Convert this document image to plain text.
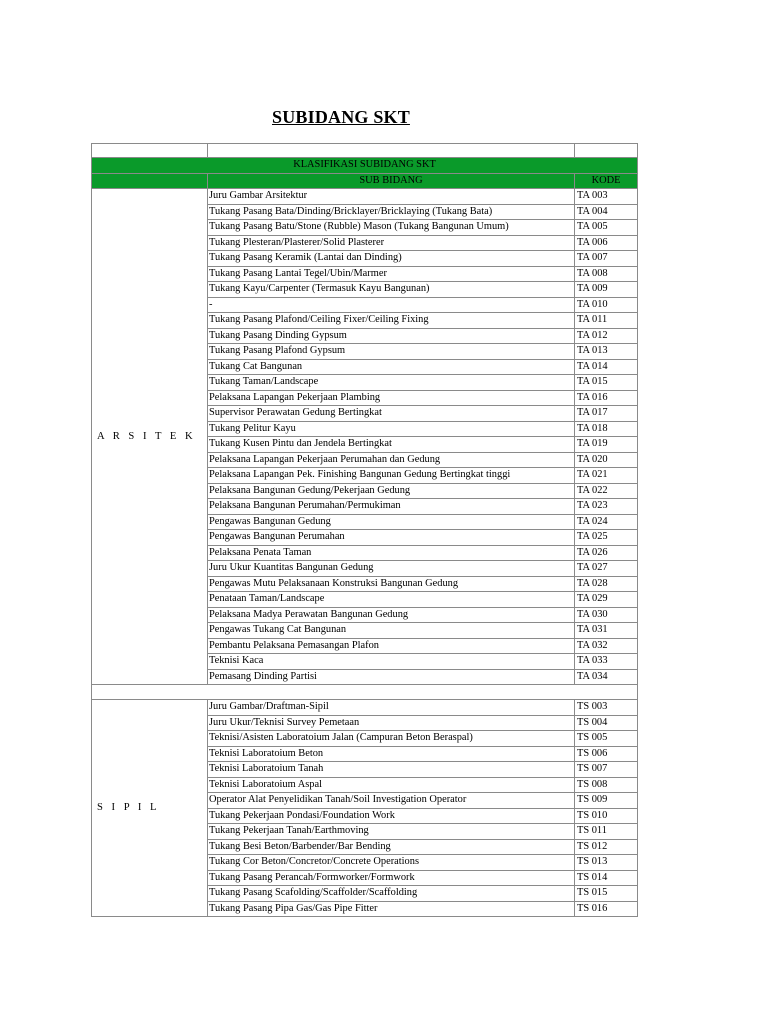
SUBIDANG SKT

KLASIFIKASI SUBIDANG SKT		
	SUB BIDANG	KODE
A R S I T E K	Juru Gambar Arsitektur	TA 003
	Tukang Pasang Bata/Dinding/Bricklayer/Bricklaying (Tukang Bata)	TA 004
	Tukang Pasang Batu/Stone (Rubble) Mason (Tukang Bangunan Umum)	TA 005
	Tukang Plesteran/Plasterer/Solid Plasterer	TA 006
	Tukang Pasang Keramik (Lantai dan Dinding)	TA 007
	Tukang Pasang Lantai Tegel/Ubin/Marmer	TA 008
	Tukang Kayu/Carpenter (Termasuk Kayu Bangunan)	TA 009
	-	TA 010
	Tukang Pasang Plafond/Ceiling Fixer/Ceiling Fixing	TA 011
	Tukang Pasang Dinding Gypsum	TA 012
	Tukang Pasang Plafond Gypsum	TA 013
	Tukang Cat Bangunan	TA 014
	Tukang Taman/Landscape	TA 015
	Pelaksana Lapangan Pekerjaan Plambing	TA 016
	Supervisor Perawatan Gedung Bertingkat	TA 017
	Tukang Pelitur Kayu	TA 018
	Tukang Kusen Pintu dan Jendela Bertingkat	TA 019
	Pelaksana Lapangan Pekerjaan Perumahan dan Gedung	TA 020
	Pelaksana Lapangan Pek. Finishing Bangunan Gedung Bertingkat tinggi	TA 021
	Pelaksana Bangunan Gedung/Pekerjaan Gedung	TA 022
	Pelaksana Bangunan Perumahan/Permukiman	TA 023
	Pengawas Bangunan Gedung	TA 024
	Pengawas Bangunan Perumahan	TA 025
	Pelaksana Penata Taman	TA 026
	Juru Ukur Kuantitas Bangunan Gedung	TA 027
	Pengawas Mutu Pelaksanaan Konstruksi Bangunan Gedung	TA 028
	Penataan Taman/Landscape	TA 029
	Pelaksana Madya Perawatan Bangunan Gedung	TA 030
	Pengawas Tukang Cat Bangunan	TA 031
	Pembantu Pelaksana Pemasangan Plafon	TA 032
	Teknisi Kaca	TA 033
	Pemasang Dinding Partisi	TA 034

S I P I L	Juru Gambar/Draftman-Sipil	TS 003
	Juru Ukur/Teknisi Survey Pemetaan	TS 004
	Teknisi/Asisten Laboratoium Jalan (Campuran Beton Beraspal)	TS 005
	Teknisi Laboratoium Beton	TS 006
	Teknisi Laboratoium Tanah	TS 007
	Teknisi Laboratoium Aspal	TS 008
	Operator Alat Penyelidikan Tanah/Soil Investigation Operator	TS 009
	Tukang Pekerjaan Pondasi/Foundation Work	TS 010
	Tukang Pekerjaan Tanah/Earthmoving	TS 011
	Tukang Besi Beton/Barbender/Bar Bending	TS 012
	Tukang Cor Beton/Concretor/Concrete Operations	TS 013
	Tukang Pasang Perancah/Formworker/Formwork	TS 014
	Tukang Pasang Scafolding/Scaffolder/Scaffolding	TS 015
	Tukang Pasang Pipa Gas/Gas Pipe Fitter	TS 016
